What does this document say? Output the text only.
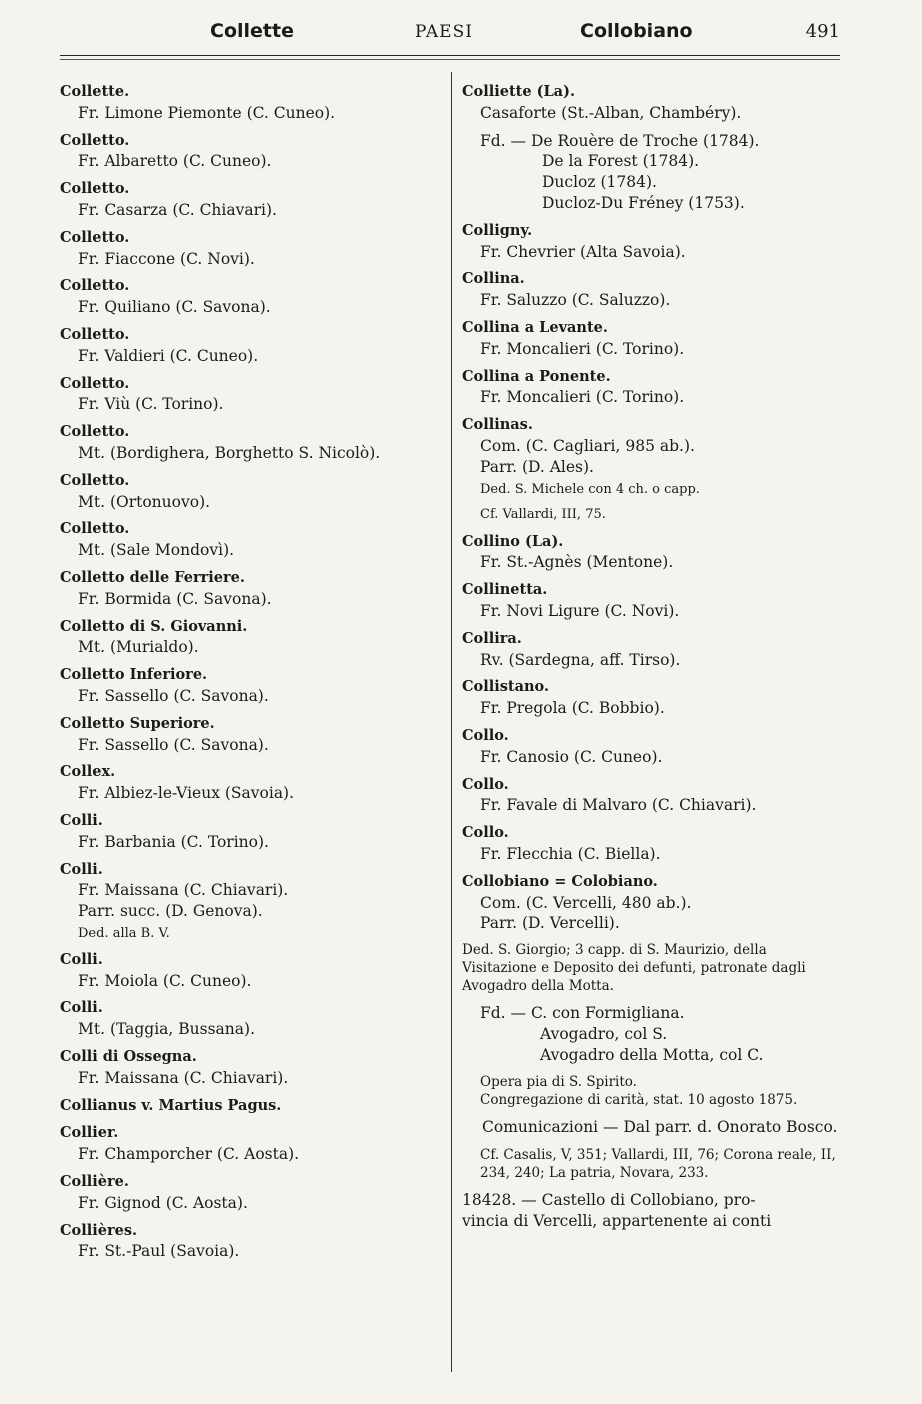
Collette	PAESI	Collobiano	491
Collette.
Fr. Limone Piemonte (C. Cuneo).
Colletto.
Fr. Albaretto (C. Cuneo).
Colletto.
Fr. Casarza (C. Chiavari).
Colletto.
Fr. Fiaccone (C. Novi).
Colletto.
Fr. Quiliano (C. Savona).
Colletto.
Fr. Valdieri (C. Cuneo).
Colletto.
Fr. Viù (C. Torino).
Colletto.
Mt. (Bordighera, Borghetto S. Nicolò).
Colletto.
Mt. (Ortonuovo).
Colletto.
Mt. (Sale Mondovì).
Colletto delle Ferriere.
Fr. Bormida (C. Savona).
Colletto di S. Giovanni.
Mt. (Murialdo).
Colletto Inferiore.
Fr. Sassello (C. Savona).
Colletto Superiore.
Fr. Sassello (C. Savona).
Collex.
Fr. Albiez-le-Vieux (Savoia).
Colli.
Fr. Barbania (C. Torino).
Colli.
Fr. Maissana (C. Chiavari).
Parr. succ. (D. Genova).
Ded. alla B. V.
Colli.
Fr. Moiola (C. Cuneo).
Colli.
Mt. (Taggia, Bussana).
Colli di Ossegna.
Fr. Maissana (C. Chiavari).
Collianus v. Martius Pagus.
Collier.
Fr. Champorcher (C. Aosta).
Collière.
Fr. Gignod (C. Aosta).
Collières.
Fr. St.-Paul (Savoia).
Colliette (La).
Casaforte (St.-Alban, Chambéry).
Fd. — De Rouère de Troche (1784).
De la Forest (1784).
Ducloz (1784).
Ducloz-Du Fréney (1753).
Colligny.
Fr. Chevrier (Alta Savoia).
Collina.
Fr. Saluzzo (C. Saluzzo).
Collina a Levante.
Fr. Moncalieri (C. Torino).
Collina a Ponente.
Fr. Moncalieri (C. Torino).
Collinas.
Com. (C. Cagliari, 985 ab.).
Parr. (D. Ales).
Ded. S. Michele con 4 ch. o capp.
Cf. Vallardi, III, 75.
Collino (La).
Fr. St.-Agnès (Mentone).
Collinetta.
Fr. Novi Ligure (C. Novi).
Collira.
Rv. (Sardegna, aff. Tirso).
Collistano.
Fr. Pregola (C. Bobbio).
Collo.
Fr. Canosio (C. Cuneo).
Collo.
Fr. Favale di Malvaro (C. Chiavari).
Collo.
Fr. Flecchia (C. Biella).
Collobiano = Colobiano.
Com. (C. Vercelli, 480 ab.).
Parr. (D. Vercelli).
Ded. S. Giorgio; 3 capp. di S. Maurizio, della Visitazione e Deposito dei defunti, patronate dagli Avogadro della Motta.
Fd. — C. con Formigliana.
Avogadro, col S.
Avogadro della Motta, col C.
Opera pia di S. Spirito.
Congregazione di carità, stat. 10 agosto 1875.
Comunicazioni — Dal parr. d. Onorato Bosco.
Cf. Casalis, V, 351; Vallardi, III, 76; Corona reale, II, 234, 240; La patria, Novara, 233.
18428. — Castello di Collobiano, pro-
vincia di Vercelli, appartenente ai conti
